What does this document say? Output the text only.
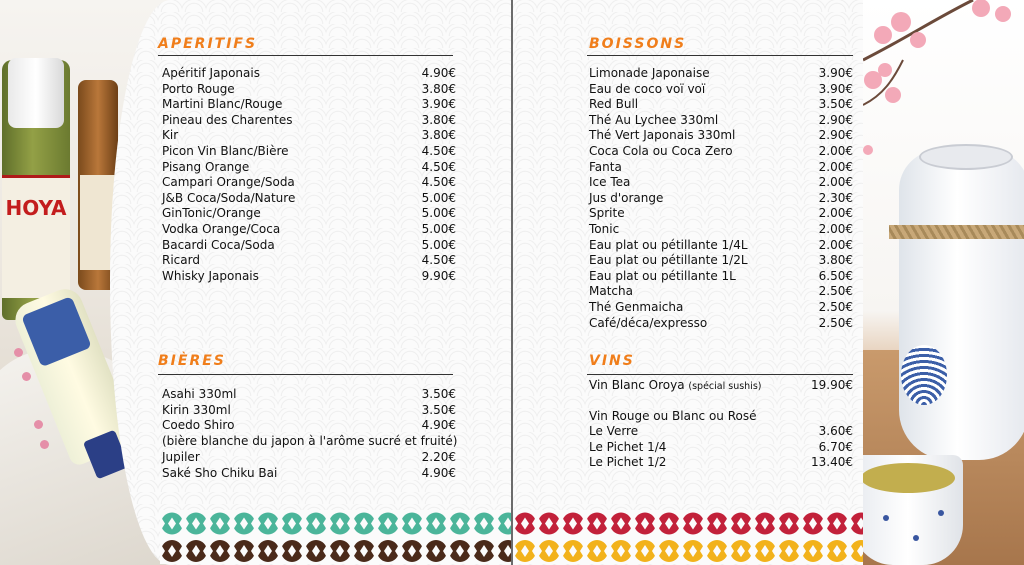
HOYA
APERITIFS
Apéritif Japonais	4.90€
Porto Rouge	3.80€
Martini Blanc/Rouge	3.90€
Pineau des Charentes	3.80€
Kir	3.80€
Picon Vin Blanc/Bière	4.50€
Pisang Orange	4.50€
Campari Orange/Soda	4.50€
J&B Coca/Soda/Nature	5.00€
GinTonic/Orange	5.00€
Vodka Orange/Coca	5.00€
Bacardi Coca/Soda	5.00€
Ricard	4.50€
Whisky Japonais	9.90€
BIÈRES
Asahi 330ml	3.50€
Kirin 330ml	3.50€
Coedo Shiro	4.90€
(bière blanche du japon à l'arôme sucré et fruité)
Jupiler	2.20€
Saké Sho Chiku Bai	4.90€
BOISSONS
Limonade Japonaise	3.90€
Eau de coco voï voï	3.90€
Red Bull	3.50€
Thé Au Lychee 330ml	2.90€
Thé Vert Japonais 330ml	2.90€
Coca Cola ou Coca Zero	2.00€
Fanta	2.00€
Ice Tea	2.00€
Jus d'orange	2.30€
Sprite	2.00€
Tonic	2.00€
Eau plat ou pétillante 1/4L	2.00€
Eau plat ou pétillante 1/2L	3.80€
Eau plat ou pétillante 1L	6.50€
Matcha	2.50€
Thé Genmaicha	2.50€
Café/déca/expresso	2.50€
VINS
Vin Blanc Oroya (spécial sushis)	19.90€
Vin Rouge ou Blanc ou Rosé
Le Verre	3.60€
Le Pichet 1/4	6.70€
Le Pichet 1/2	13.40€
